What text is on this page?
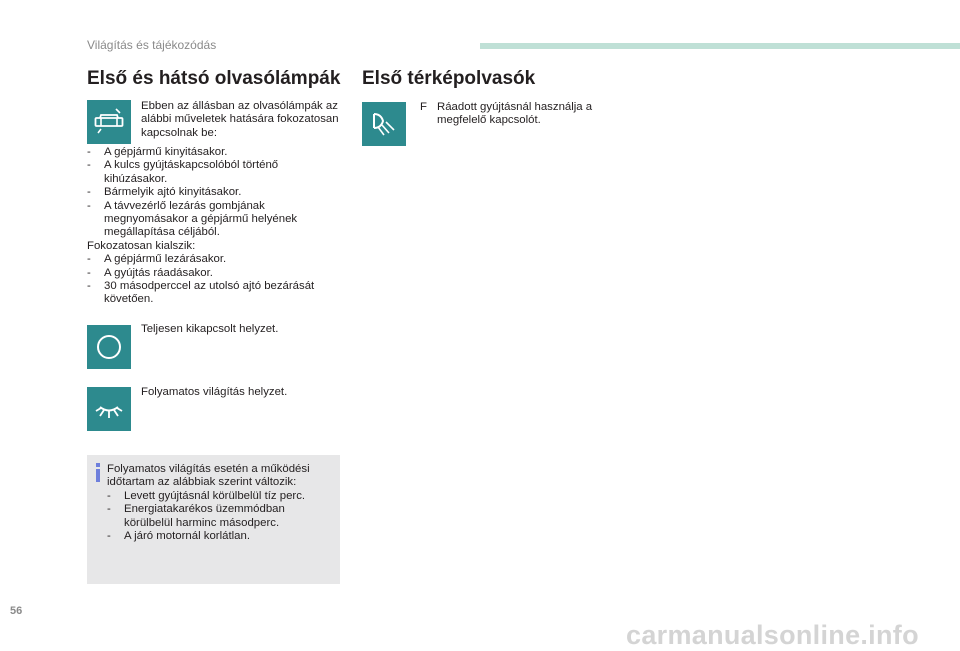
Világítás és tájékozódás
Első és hátsó olvasólámpák
Ebben az állásban az olvasólámpák az alábbi műveletek hatására fokozatosan kapcsolnak be:
- A gépjármű kinyitásakor.
- A kulcs gyújtáskapcsolóból történő kihúzásakor.
- Bármelyik ajtó kinyitásakor.
- A távvezérlő lezárás gombjának megnyomásakor a gépjármű helyének megállapítása céljából.
Fokozatosan kialszik:
- A gépjármű lezárásakor.
- A gyújtás ráadásakor.
- 30 másodperccel az utolsó ajtó bezárását követően.
Teljesen kikapcsolt helyzet.
Folyamatos világítás helyzet.
Folyamatos világítás esetén a működési időtartam az alábbiak szerint változik:
- Levett gyújtásnál körülbelül tíz perc.
- Energiatakarékos üzemmódban körülbelül harminc másodperc.
- A járó motornál korlátlan.
Első térképolvasók
F Ráadott gyújtásnál használja a megfelelő kapcsolót.
56
carmanualsonline.info
